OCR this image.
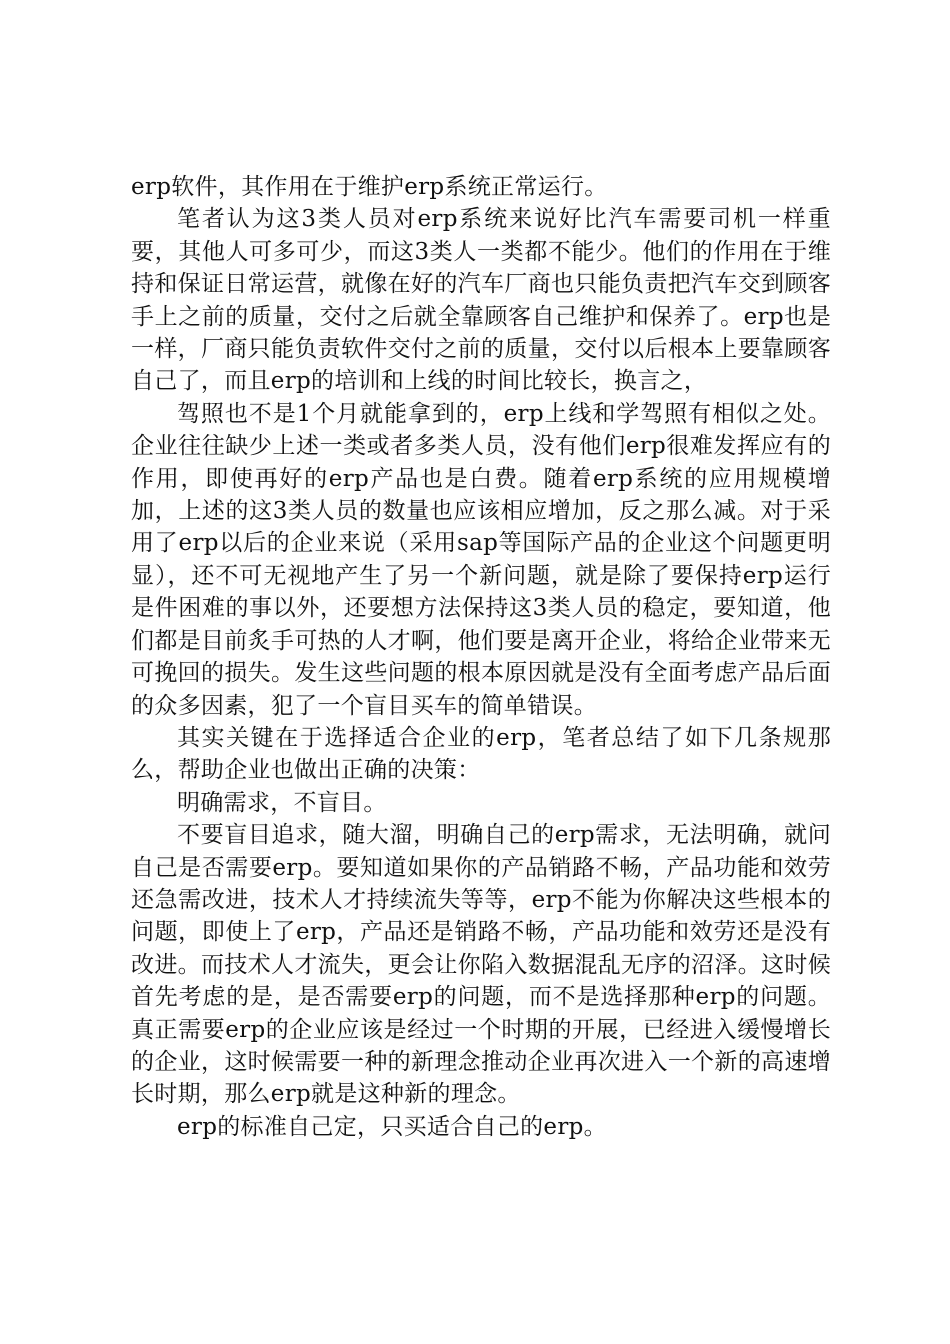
erp软件，其作用在于维护erp系统正常运行。

笔者认为这3类人员对erp系统来说好比汽车需要司机一样重要，其他人可多可少，而这3类人一类都不能少。他们的作用在于维持和保证日常运营，就像在好的汽车厂商也只能负责把汽车交到顾客手上之前的质量，交付之后就全靠顾客自己维护和保养了。erp也是一样，厂商只能负责软件交付之前的质量，交付以后根本上要靠顾客自己了，而且erp的培训和上线的时间比较长，换言之，

驾照也不是1个月就能拿到的，erp上线和学驾照有相似之处。企业往往缺少上述一类或者多类人员，没有他们erp很难发挥应有的作用，即使再好的erp产品也是白费。随着erp系统的应用规模增加，上述的这3类人员的数量也应该相应增加，反之那么减。对于采用了erp以后的企业来说（采用sap等国际产品的企业这个问题更明显），还不可无视地产生了另一个新问题，就是除了要保持erp运行是件困难的事以外，还要想方法保持这3类人员的稳定，要知道，他们都是目前炙手可热的人才啊，他们要是离开企业，将给企业带来无可挽回的损失。发生这些问题的根本原因就是没有全面考虑产品后面的众多因素，犯了一个盲目买车的简单错误。

其实关键在于选择适合企业的erp，笔者总结了如下几条规那么，帮助企业也做出正确的决策：

明确需求，不盲目。

不要盲目追求，随大溜，明确自己的erp需求，无法明确，就问自己是否需要erp。要知道如果你的产品销路不畅，产品功能和效劳还急需改进，技术人才持续流失等等，erp不能为你解决这些根本的问题，即使上了erp，产品还是销路不畅，产品功能和效劳还是没有改进。而技术人才流失，更会让你陷入数据混乱无序的沼泽。这时候首先考虑的是，是否需要erp的问题，而不是选择那种erp的问题。真正需要erp的企业应该是经过一个时期的开展，已经进入缓慢增长的企业，这时候需要一种的新理念推动企业再次进入一个新的高速增长时期，那么erp就是这种新的理念。

erp的标准自己定，只买适合自己的erp。
